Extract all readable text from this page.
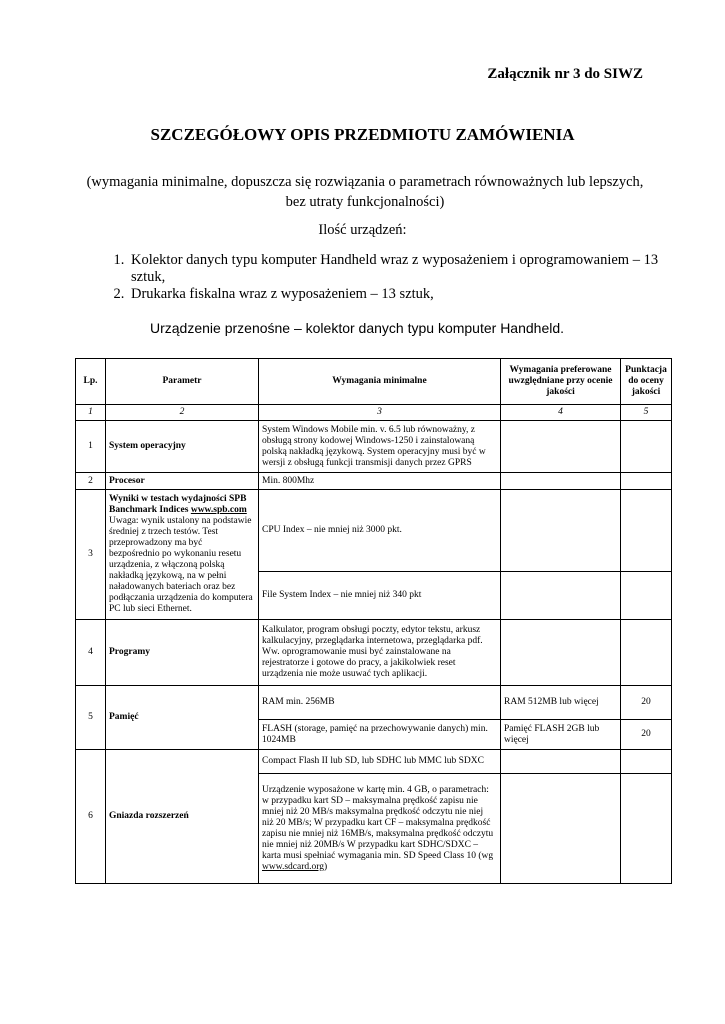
Załącznik nr 3 do SIWZ
SZCZEGÓŁOWY OPIS PRZEDMIOTU ZAMÓWIENIA
(wymagania minimalne, dopuszcza się rozwiązania o parametrach równoważnych lub lepszych, bez utraty funkcjonalności)
Ilość urządzeń:
1. Kolektor danych typu komputer Handheld wraz z wyposażeniem i oprogramowaniem – 13 sztuk,
2. Drukarka fiskalna wraz z wyposażeniem – 13 sztuk,
Urządzenie przenośne – kolektor danych typu komputer Handheld.
Lp.	Parametr	Wymagania minimalne	Wymagania preferowane uwzględniane przy ocenie jakości	Punktacja do oceny jakości
1	2	3	4	5
1	System operacyjny	System Windows Mobile min. v. 6.5 lub równoważny, z obsługą strony kodowej Windows-1250 i zainstalowaną polską nakładką językową. System operacyjny musi być w wersji z obsługą funkcji transmisji danych przez GPRS		
2	Procesor	Min. 800Mhz		
3	Wyniki w testach wydajności SPB Banchmark Indices www.spb.com
Uwaga: wynik ustalony na podstawie średniej z trzech testów. Test przeprowadzony ma być bezpośrednio po wykonaniu resetu urządzenia, z włączoną polską nakładką językową, na w pełni naładowanych bateriach oraz bez podłączania urządzenia do komputera PC lub sieci Ethernet.	CPU Index – nie mniej niż 3000 pkt.		
		File System Index – nie mniej niż 340 pkt		
4	Programy	Kalkulator, program obsługi poczty, edytor tekstu, arkusz kalkulacyjny, przeglądarka internetowa, przeglądarka pdf. Ww. oprogramowanie musi być zainstalowane na rejestratorze i gotowe do pracy, a jakikolwiek reset urządzenia nie może usuwać tych aplikacji.		
5	Pamięć	RAM min. 256MB	RAM 512MB lub więcej	20
		FLASH (storage, pamięć na przechowywanie danych) min. 1024MB	Pamięć FLASH 2GB lub więcej	20
6	Gniazda rozszerzeń	Compact Flash II lub SD, lub SDHC lub MMC lub SDXC		
		Urządzenie wyposażone w kartę min. 4 GB, o parametrach: w przypadku kart SD – maksymalna prędkość zapisu nie mniej niż 20 MB/s maksymalna prędkość odczytu nie niej niż 20 MB/s; W przypadku kart CF – maksymalna prędkość zapisu nie mniej niż 16MB/s, maksymalna prędkość odczytu nie mniej niż 20MB/s W przypadku kart SDHC/SDXC – karta musi spełniać wymagania min. SD Speed Class 10 (wg www.sdcard.org)		
